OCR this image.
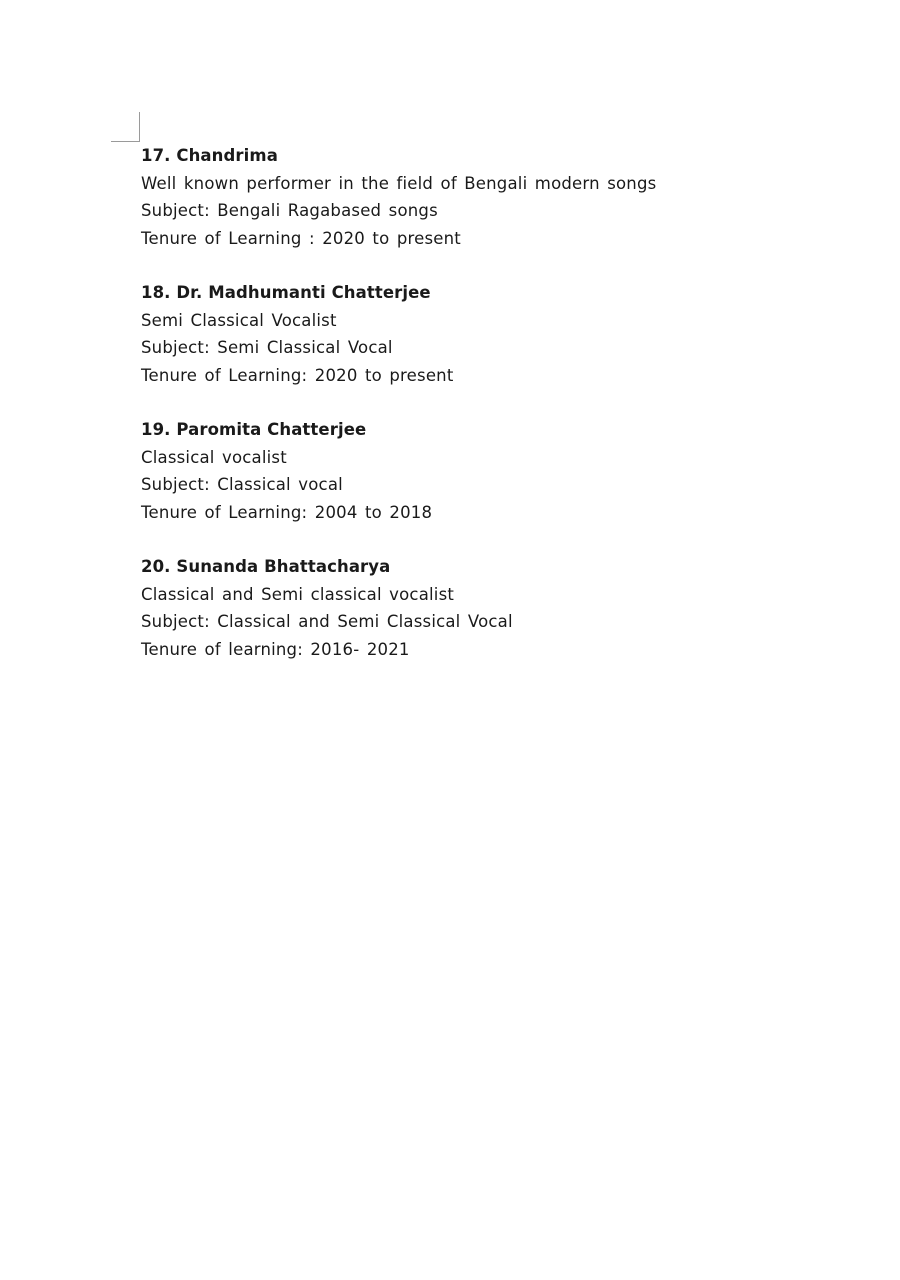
17. Chandrima
Well known performer in the field of Bengali modern songs
Subject: Bengali Ragabased songs
Tenure of Learning : 2020 to present
18. Dr. Madhumanti Chatterjee
Semi Classical Vocalist
Subject: Semi Classical Vocal
Tenure of Learning: 2020 to present
19. Paromita Chatterjee
Classical vocalist
Subject: Classical vocal
Tenure of Learning: 2004 to 2018
20. Sunanda Bhattacharya
Classical and Semi classical vocalist
Subject: Classical and Semi Classical Vocal
Tenure of learning: 2016- 2021
